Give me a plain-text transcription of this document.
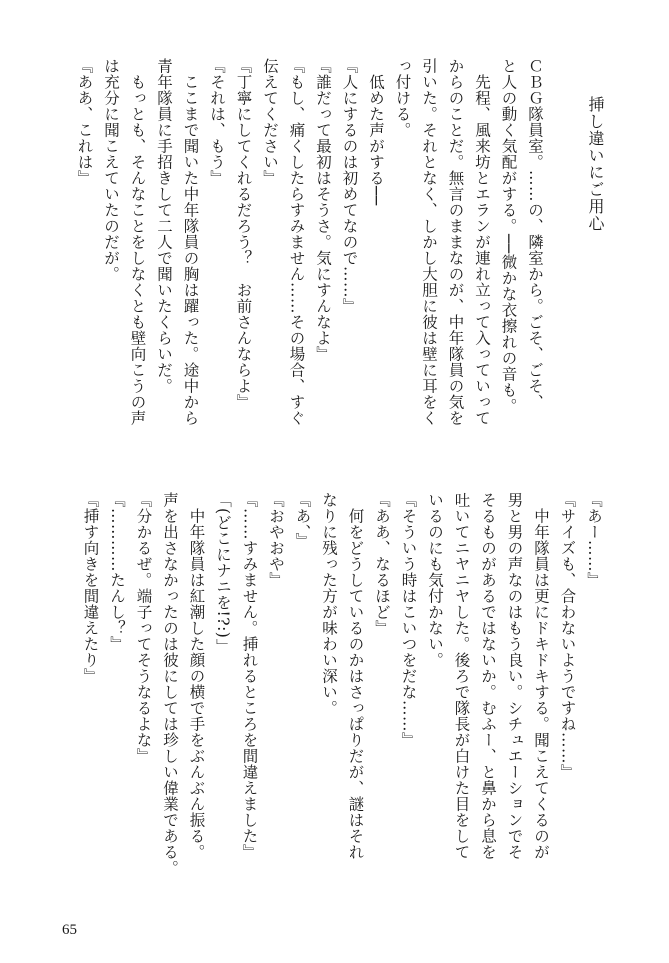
挿し違いにご用心
ＣＢＧ隊員室。……の、隣室から。ごそ、ごそ、
と人の動く気配がする。──微かな衣擦れの音も。
　先程、風来坊とエランが連れ立って入っていって
からのことだ。無言のままなのが、中年隊員の気を
引いた。それとなく、しかし大胆に彼は壁に耳をく
っ付ける。
　低めた声がする──
『人にするのは初めてなので……』
『誰だって最初はそうさ。気にすんなよ』
『もし、痛くしたらすみません……その場合、すぐ
伝えてください』
『丁寧にしてくれるだろう？　お前さんならよ』
『それは、もう』
　ここまで聞いた中年隊員の胸は躍った。途中から
青年隊員に手招きして二人で聞いたくらいだ。
　もっとも、そんなことをしなくとも壁向こうの声
は充分に聞こえていたのだが。
『ああ、これは』
『あー……』
『サイズも、合わないようですね……』
　中年隊員は更にドキドキする。聞こえてくるのが
男と男の声なのはもう良い。シチュエーションでそ
そるものがあるではないか。むふー、と鼻から息を
吐いてニヤニヤした。後ろで隊長が白けた目をして
いるのにも気付かない。
『そういう時はこいつをだな……』
『ああ、なるほど』
　何をどうしているのかはさっぱりだが、謎はそれ
なりに残った方が味わい深い。
『あ、』
『おやおや』
『……すみません。挿れるところを間違えました』
「(どこにナニを!?:)」
　中年隊員は紅潮した顔の横で手をぶんぶん振る。
声を出さなかったのは彼にしては珍しい偉業である。
『分かるぜ。端子ってそうなるよな』
『…………たんし？』
『挿す向きを間違えたり』
65
